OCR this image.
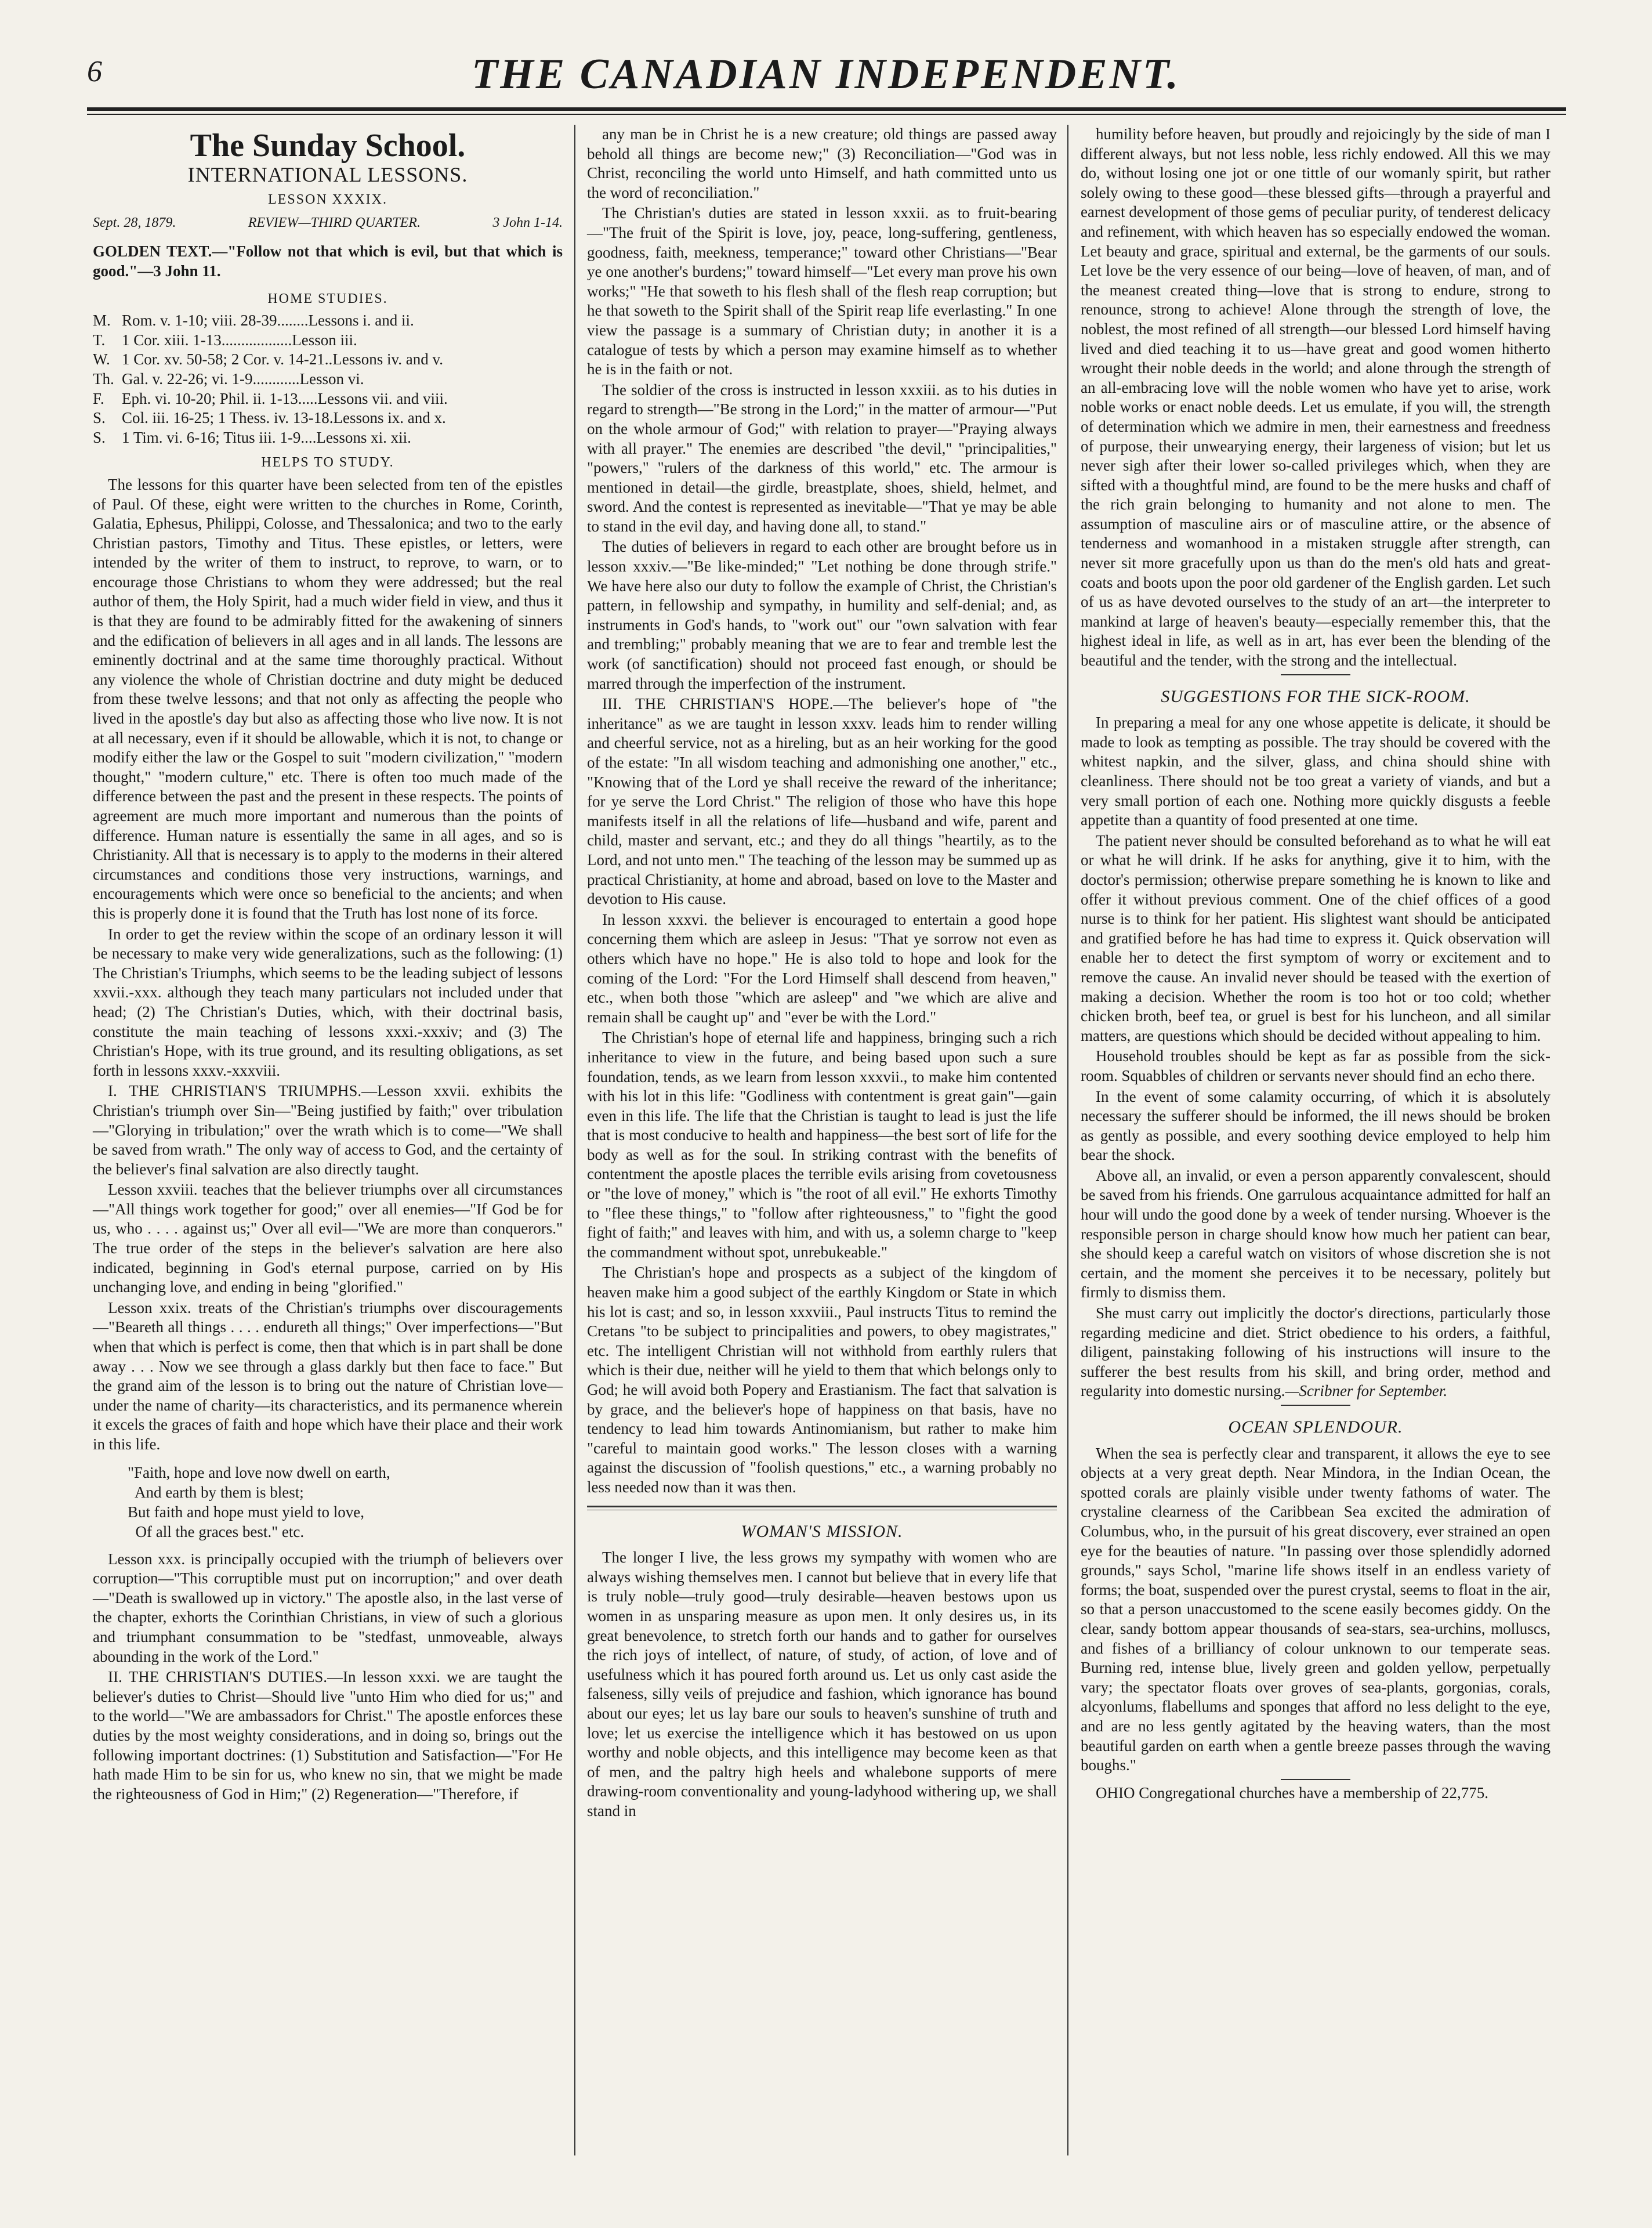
6	THE CANADIAN INDEPENDENT.
The Sunday School.
INTERNATIONAL LESSONS.
LESSON XXXIX.
Sept. 28, 1879.	REVIEW—THIRD QUARTER.	3 John 1-14.

GOLDEN TEXT.—"Follow not that which is evil, but that which is good."—3 John 11.

HOME STUDIES.
M. Rom. v. 1-10; viii. 28-39........Lessons i. and ii.
T.	1 Cor. xiii. 1-13..................Lesson iii.
W. 1 Cor. xv. 50-58; 2 Cor. v. 14-21..Lessons iv. and v.
Th. Gal. v. 22-26; vi. 1-9............Lesson vi.
F.	Eph. vi. 10-20; Phil. ii. 1-13.....Lessons vii. and viii.
S.	Col. iii. 16-25; 1 Thess. iv. 13-18.Lessons ix. and x.
S.	1 Tim. vi. 6-16; Titus iii. 1-9....Lessons xi. xii.
HELPS TO STUDY.

The lessons for this quarter have been selected from ten of the epistles of Paul. Of these, eight were written to the churches in Rome, Corinth, Galatia, Ephesus, Philippi, Colosse, and Thessalonica; and two to the early Christian pastors, Timothy and Titus. These epistles, or letters, were intended by the writer of them to instruct, to reprove, to warn, or to encourage those Christians to whom they were addressed; but the real author of them, the Holy Spirit, had a much wider field in view, and thus it is that they are found to be admirably fitted for the awakening of sinners and the edification of believers in all ages and in all lands. The lessons are eminently doctrinal and at the same time thoroughly practical. Without any violence the whole of Christian doctrine and duty might be deduced from these twelve lessons; and that not only as affecting the people who lived in the apostle's day but also as affecting those who live now. It is not at all necessary, even if it should be allowable, which it is not, to change or modify either the law or the Gospel to suit "modern civilization," "modern thought," "modern culture," etc. There is often too much made of the difference between the past and the present in these respects. The points of agreement are much more important and numerous than the points of difference. Human nature is essentially the same in all ages, and so is Christianity. All that is necessary is to apply to the moderns in their altered circumstances and conditions those very instructions, warnings, and encouragements which were once so beneficial to the ancients; and when this is properly done it is found that the Truth has lost none of its force.

In order to get the review within the scope of an ordinary lesson it will be necessary to make very wide generalizations, such as the following: (1) The Christian's Triumphs, which seems to be the leading subject of lessons xxvii.-xxx. although they teach many particulars not included under that head; (2) The Christian's Duties, which, with their doctrinal basis, constitute the main teaching of lessons xxxi.-xxxiv; and (3) The Christian's Hope, with its true ground, and its resulting obligations, as set forth in lessons xxxv.-xxxviii.

I. THE CHRISTIAN'S TRIUMPHS.—Lesson xxvii. exhibits the Christian's triumph over Sin—"Being justified by faith;" over tribulation—"Glorying in tribulation;" over the wrath which is to come—"We shall be saved from wrath." The only way of access to God, and the certainty of the believer's final salvation are also directly taught.

Lesson xxviii. teaches that the believer triumphs over all circumstances—"All things work together for good;" over all enemies—"If God be for us, who . . . . against us;" Over all evil—"We are more than conquerors." The true order of the steps in the believer's salvation are here also indicated, beginning in God's eternal purpose, carried on by His unchanging love, and ending in being "glorified."

Lesson xxix. treats of the Christian's triumphs over discouragements—"Beareth all things . . . . endureth all things;" Over imperfections—"But when that which is perfect is come, then that which is in part shall be done away . . . Now we see through a glass darkly but then face to face." But the grand aim of the lesson is to bring out the nature of Christian love—under the name of charity—its characteristics, and its permanence wherein it excels the graces of faith and hope which have their place and their work in this life.

"Faith, hope and love now dwell on earth,
And earth by them is blest;
But faith and hope must yield to love,
Of all the graces best." etc.

Lesson xxx. is principally occupied with the triumph of believers over corruption—"This corruptible must put on incorruption;" and over death—"Death is swallowed up in victory." The apostle also, in the last verse of the chapter, exhorts the Corinthian Christians, in view of such a glorious and triumphant consummation to be "stedfast, unmoveable, always abounding in the work of the Lord."

II. THE CHRISTIAN'S DUTIES.—In lesson xxxi. we are taught the believer's duties to Christ—Should live "unto Him who died for us;" and to the world—"We are ambassadors for Christ." The apostle enforces these duties by the most weighty considerations, and in doing so, brings out the following important doctrines: (1) Substitution and Satisfaction—"For He hath made Him to be sin for us, who knew no sin, that we might be made the righteousness of God in Him;" (2) Regeneration—"Therefore, if

any man be in Christ he is a new creature; old things are passed away behold all things are become new;" (3) Reconciliation—"God was in Christ, reconciling the world unto Himself, and hath committed unto us the word of reconciliation."

The Christian's duties are stated in lesson xxxii. as to fruit-bearing—"The fruit of the Spirit is love, joy, peace, long-suffering, gentleness, goodness, faith, meekness, temperance;" toward other Christians—"Bear ye one another's burdens;" toward himself—"Let every man prove his own works;" "He that soweth to his flesh shall of the flesh reap corruption; but he that soweth to the Spirit shall of the Spirit reap life everlasting." In one view the passage is a summary of Christian duty; in another it is a catalogue of tests by which a person may examine himself as to whether he is in the faith or not.

The soldier of the cross is instructed in lesson xxxiii. as to his duties in regard to strength—"Be strong in the Lord;" in the matter of armour—"Put on the whole armour of God;" with relation to prayer—"Praying always with all prayer." The enemies are described "the devil," "principalities," "powers," "rulers of the darkness of this world," etc. The armour is mentioned in detail—the girdle, breastplate, shoes, shield, helmet, and sword. And the contest is represented as inevitable—"That ye may be able to stand in the evil day, and having done all, to stand."

The duties of believers in regard to each other are brought before us in lesson xxxiv.—"Be like-minded;" "Let nothing be done through strife." We have here also our duty to follow the example of Christ, the Christian's pattern, in fellowship and sympathy, in humility and self-denial; and, as instruments in God's hands, to "work out" our "own salvation with fear and trembling;" probably meaning that we are to fear and tremble lest the work (of sanctification) should not proceed fast enough, or should be marred through the imperfection of the instrument.

III. THE CHRISTIAN'S HOPE.—The believer's hope of "the inheritance" as we are taught in lesson xxxv. leads him to render willing and cheerful service, not as a hireling, but as an heir working for the good of the estate: "In all wisdom teaching and admonishing one another," etc., "Knowing that of the Lord ye shall receive the reward of the inheritance; for ye serve the Lord Christ." The religion of those who have this hope manifests itself in all the relations of life—husband and wife, parent and child, master and servant, etc.; and they do all things "heartily, as to the Lord, and not unto men." The teaching of the lesson may be summed up as practical Christianity, at home and abroad, based on love to the Master and devotion to His cause.

In lesson xxxvi. the believer is encouraged to entertain a good hope concerning them which are asleep in Jesus: "That ye sorrow not even as others which have no hope." He is also told to hope and look for the coming of the Lord: "For the Lord Himself shall descend from heaven," etc., when both those "which are asleep" and "we which are alive and remain shall be caught up" and "ever be with the Lord."

The Christian's hope of eternal life and happiness, bringing such a rich inheritance to view in the future, and being based upon such a sure foundation, tends, as we learn from lesson xxxvii., to make him contented with his lot in this life: "Godliness with contentment is great gain"—gain even in this life. The life that the Christian is taught to lead is just the life that is most conducive to health and happiness—the best sort of life for the body as well as for the soul. In striking contrast with the benefits of contentment the apostle places the terrible evils arising from covetousness or "the love of money," which is "the root of all evil." He exhorts Timothy to "flee these things," to "follow after righteousness," to "fight the good fight of faith;" and leaves with him, and with us, a solemn charge to "keep the commandment without spot, unrebukeable."

The Christian's hope and prospects as a subject of the kingdom of heaven make him a good subject of the earthly Kingdom or State in which his lot is cast; and so, in lesson xxxviii., Paul instructs Titus to remind the Cretans "to be subject to principalities and powers, to obey magistrates," etc. The intelligent Christian will not withhold from earthly rulers that which is their due, neither will he yield to them that which belongs only to God; he will avoid both Popery and Erastianism. The fact that salvation is by grace, and the believer's hope of happiness on that basis, have no tendency to lead him towards Antinomianism, but rather to make him "careful to maintain good works." The lesson closes with a warning against the discussion of "foolish questions," etc., a warning probably no less needed now than it was then.

WOMAN'S MISSION.

The longer I live, the less grows my sympathy with women who are always wishing themselves men. I cannot but believe that in every life that is truly noble—truly good—truly desirable—heaven bestows upon us women in as unsparing measure as upon men. It only desires us, in its great benevolence, to stretch forth our hands and to gather for ourselves the rich joys of intellect, of nature, of study, of action, of love and of usefulness which it has poured forth around us. Let us only cast aside the falseness, silly veils of prejudice and fashion, which ignorance has bound about our eyes; let us lay bare our souls to heaven's sunshine of truth and love; let us exercise the intelligence which it has bestowed on us upon worthy and noble objects, and this intelligence may become keen as that of men, and the paltry high heels and whalebone supports of mere drawing-room conventionality and young-ladyhood withering up, we shall stand in

humility before heaven, but proudly and rejoicingly by the side of man I different always, but not less noble, less richly endowed. All this we may do, without losing one jot or one tittle of our womanly spirit, but rather solely owing to these good—these blessed gifts—through a prayerful and earnest development of those gems of peculiar purity, of tenderest delicacy and refinement, with which heaven has so especially endowed the woman. Let beauty and grace, spiritual and external, be the garments of our souls. Let love be the very essence of our being—love of heaven, of man, and of the meanest created thing—love that is strong to endure, strong to renounce, strong to achieve! Alone through the strength of love, the noblest, the most refined of all strength—our blessed Lord himself having lived and died teaching it to us—have great and good women hitherto wrought their noble deeds in the world; and alone through the strength of an all-embracing love will the noble women who have yet to arise, work noble works or enact noble deeds. Let us emulate, if you will, the strength of determination which we admire in men, their earnestness and freedness of purpose, their unwearying energy, their largeness of vision; but let us never sigh after their lower so-called privileges which, when they are sifted with a thoughtful mind, are found to be the mere husks and chaff of the rich grain belonging to humanity and not alone to men. The assumption of masculine airs or of masculine attire, or the absence of tenderness and womanhood in a mistaken struggle after strength, can never sit more gracefully upon us than do the men's old hats and great-coats and boots upon the poor old gardener of the English garden. Let such of us as have devoted ourselves to the study of an art—the interpreter to mankind at large of heaven's beauty—especially remember this, that the highest ideal in life, as well as in art, has ever been the blending of the beautiful and the tender, with the strong and the intellectual.

SUGGESTIONS FOR THE SICK-ROOM.

In preparing a meal for any one whose appetite is delicate, it should be made to look as tempting as possible. The tray should be covered with the whitest napkin, and the silver, glass, and china should shine with cleanliness. There should not be too great a variety of viands, and but a very small portion of each one. Nothing more quickly disgusts a feeble appetite than a quantity of food presented at one time.

The patient never should be consulted beforehand as to what he will eat or what he will drink. If he asks for anything, give it to him, with the doctor's permission; otherwise prepare something he is known to like and offer it without previous comment. One of the chief offices of a good nurse is to think for her patient. His slightest want should be anticipated and gratified before he has had time to express it. Quick observation will enable her to detect the first symptom of worry or excitement and to remove the cause. An invalid never should be teased with the exertion of making a decision. Whether the room is too hot or too cold; whether chicken broth, beef tea, or gruel is best for his luncheon, and all similar matters, are questions which should be decided without appealing to him.

Household troubles should be kept as far as possible from the sick-room. Squabbles of children or servants never should find an echo there.

In the event of some calamity occurring, of which it is absolutely necessary the sufferer should be informed, the ill news should be broken as gently as possible, and every soothing device employed to help him bear the shock.

Above all, an invalid, or even a person apparently convalescent, should be saved from his friends. One garrulous acquaintance admitted for half an hour will undo the good done by a week of tender nursing. Whoever is the responsible person in charge should know how much her patient can bear, she should keep a careful watch on visitors of whose discretion she is not certain, and the moment she perceives it to be necessary, politely but firmly to dismiss them.

She must carry out implicitly the doctor's directions, particularly those regarding medicine and diet. Strict obedience to his orders, a faithful, diligent, painstaking following of his instructions will insure to the sufferer the best results from his skill, and bring order, method and regularity into domestic nursing.—Scribner for September.

OCEAN SPLENDOUR.

When the sea is perfectly clear and transparent, it allows the eye to see objects at a very great depth. Near Mindora, in the Indian Ocean, the spotted corals are plainly visible under twenty fathoms of water. The crystaline clearness of the Caribbean Sea excited the admiration of Columbus, who, in the pursuit of his great discovery, ever strained an open eye for the beauties of nature. "In passing over those splendidly adorned grounds," says Schol, "marine life shows itself in an endless variety of forms; the boat, suspended over the purest crystal, seems to float in the air, so that a person unaccustomed to the scene easily becomes giddy. On the clear, sandy bottom appear thousands of sea-stars, sea-urchins, molluscs, and fishes of a brilliancy of colour unknown to our temperate seas. Burning red, intense blue, lively green and golden yellow, perpetually vary; the spectator floats over groves of sea-plants, gorgonias, corals, alcyonlums, flabellums and sponges that afford no less delight to the eye, and are no less gently agitated by the heaving waters, than the most beautiful garden on earth when a gentle breeze passes through the waving boughs."

OHIO Congregational churches have a membership of 22,775.
